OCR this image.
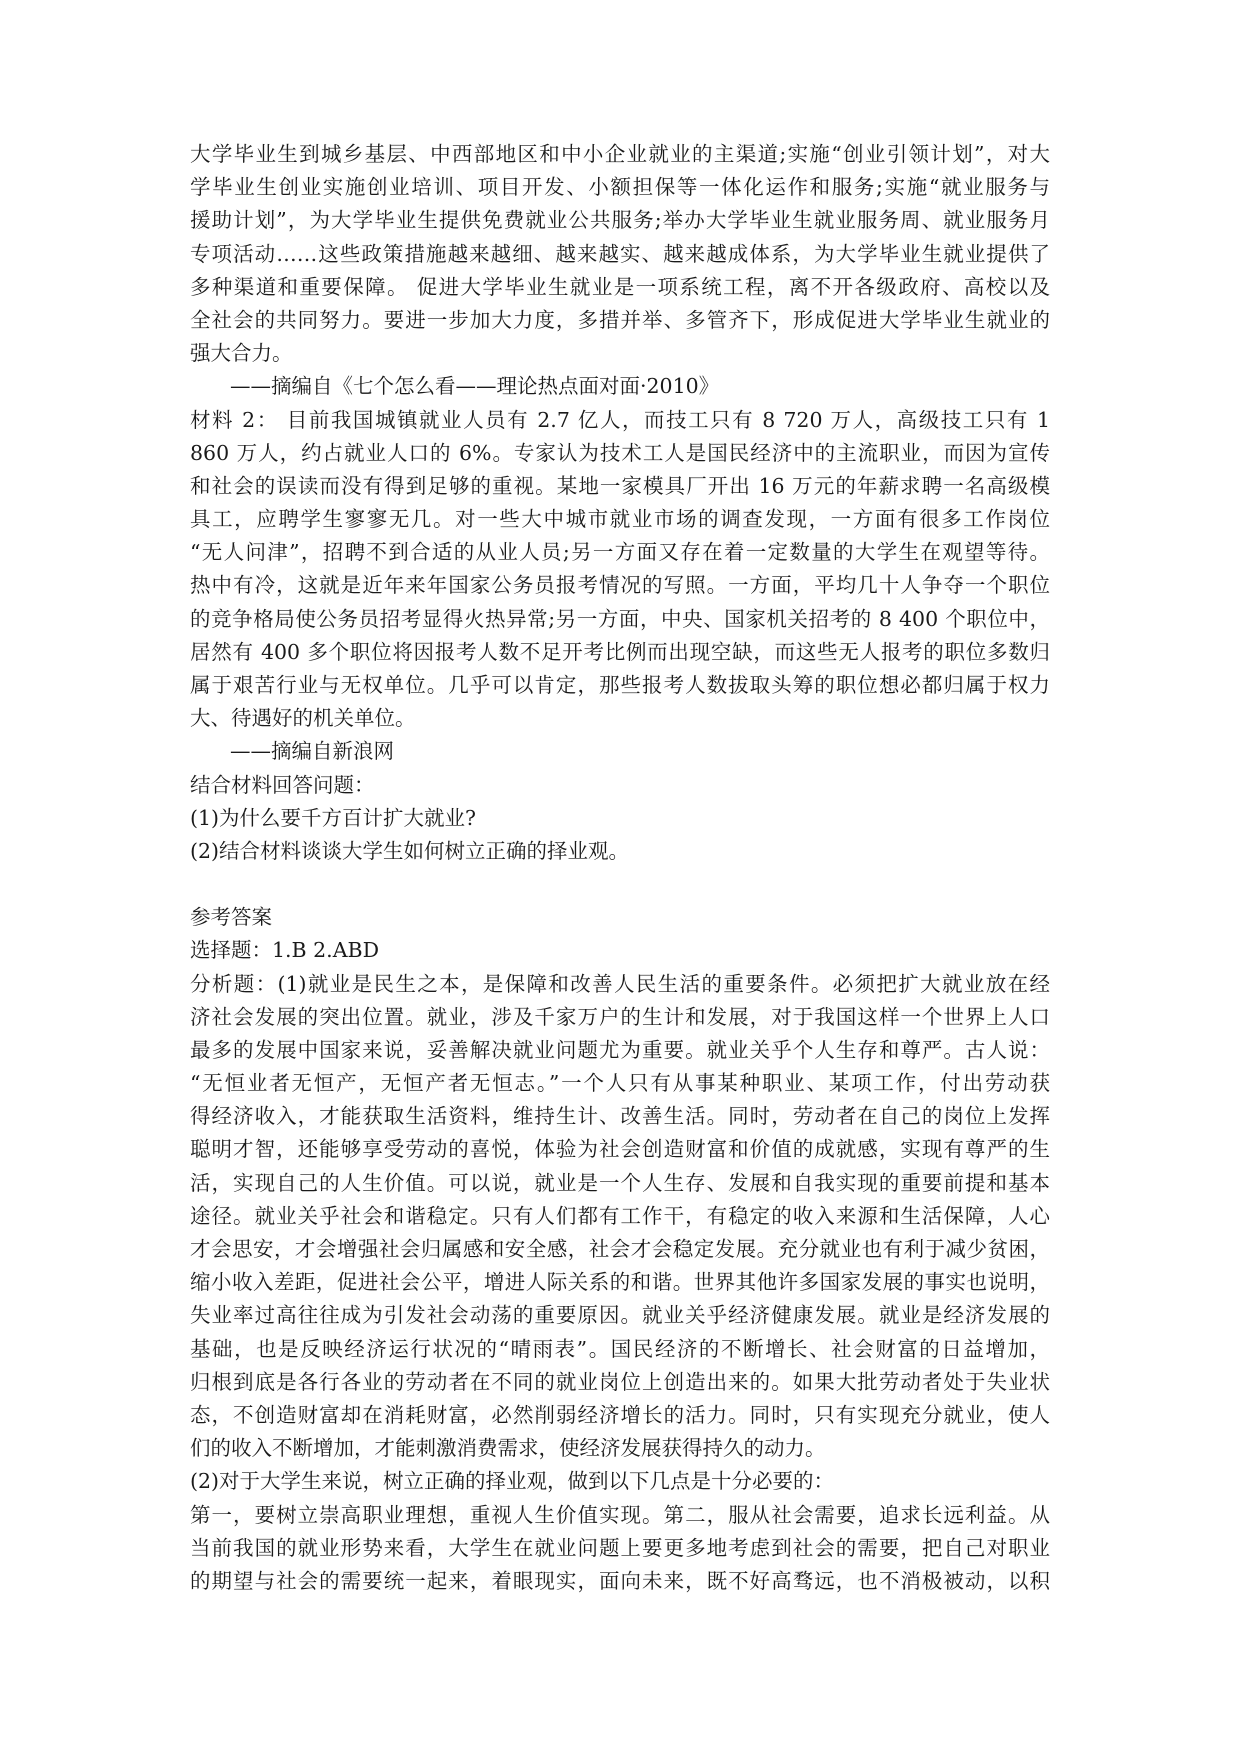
大学毕业生到城乡基层、中西部地区和中小企业就业的主渠道;实施“创业引领计划”，对大
学毕业生创业实施创业培训、项目开发、小额担保等一体化运作和服务;实施“就业服务与
援助计划”，为大学毕业生提供免费就业公共服务;举办大学毕业生就业服务周、就业服务月
专项活动……这些政策措施越来越细、越来越实、越来越成体系，为大学毕业生就业提供了
多种渠道和重要保障。 促进大学毕业生就业是一项系统工程，离不开各级政府、高校以及
全社会的共同努力。要进一步加大力度，多措并举、多管齐下，形成促进大学毕业生就业的
强大合力。
——摘编自《七个怎么看——理论热点面对面·2010》
材料 2： 目前我国城镇就业人员有 2.7 亿人，而技工只有 8 720 万人，高级技工只有 1
860 万人，约占就业人口的 6%。专家认为技术工人是国民经济中的主流职业，而因为宣传
和社会的误读而没有得到足够的重视。某地一家模具厂开出 16 万元的年薪求聘一名高级模
具工，应聘学生寥寥无几。对一些大中城市就业市场的调查发现，一方面有很多工作岗位
“无人问津”，招聘不到合适的从业人员;另一方面又存在着一定数量的大学生在观望等待。
热中有冷，这就是近年来年国家公务员报考情况的写照。一方面，平均几十人争夺一个职位
的竞争格局使公务员招考显得火热异常;另一方面，中央、国家机关招考的 8 400 个职位中，
居然有 400 多个职位将因报考人数不足开考比例而出现空缺，而这些无人报考的职位多数归
属于艰苦行业与无权单位。几乎可以肯定，那些报考人数拔取头筹的职位想必都归属于权力
大、待遇好的机关单位。
——摘编自新浪网
结合材料回答问题：
(1)为什么要千方百计扩大就业?
(2)结合材料谈谈大学生如何树立正确的择业观。
参考答案
选择题：1.B 2.ABD
分析题：(1)就业是民生之本，是保障和改善人民生活的重要条件。必须把扩大就业放在经
济社会发展的突出位置。就业，涉及千家万户的生计和发展，对于我国这样一个世界上人口
最多的发展中国家来说，妥善解决就业问题尤为重要。就业关乎个人生存和尊严。古人说：
“无恒业者无恒产，无恒产者无恒志。”一个人只有从事某种职业、某项工作，付出劳动获
得经济收入，才能获取生活资料，维持生计、改善生活。同时，劳动者在自己的岗位上发挥
聪明才智，还能够享受劳动的喜悦，体验为社会创造财富和价值的成就感，实现有尊严的生
活，实现自己的人生价值。可以说，就业是一个人生存、发展和自我实现的重要前提和基本
途径。就业关乎社会和谐稳定。只有人们都有工作干，有稳定的收入来源和生活保障，人心
才会思安，才会增强社会归属感和安全感，社会才会稳定发展。充分就业也有利于减少贫困，
缩小收入差距，促进社会公平，增进人际关系的和谐。世界其他许多国家发展的事实也说明，
失业率过高往往成为引发社会动荡的重要原因。就业关乎经济健康发展。就业是经济发展的
基础，也是反映经济运行状况的“晴雨表”。国民经济的不断增长、社会财富的日益增加，
归根到底是各行各业的劳动者在不同的就业岗位上创造出来的。如果大批劳动者处于失业状
态，不创造财富却在消耗财富，必然削弱经济增长的活力。同时，只有实现充分就业，使人
们的收入不断增加，才能刺激消费需求，使经济发展获得持久的动力。
(2)对于大学生来说，树立正确的择业观，做到以下几点是十分必要的：
第一，要树立崇高职业理想，重视人生价值实现。第二，服从社会需要，追求长远利益。从
当前我国的就业形势来看，大学生在就业问题上要更多地考虑到社会的需要，把自己对职业
的期望与社会的需要统一起来，着眼现实，面向未来，既不好高骛远，也不消极被动，以积
